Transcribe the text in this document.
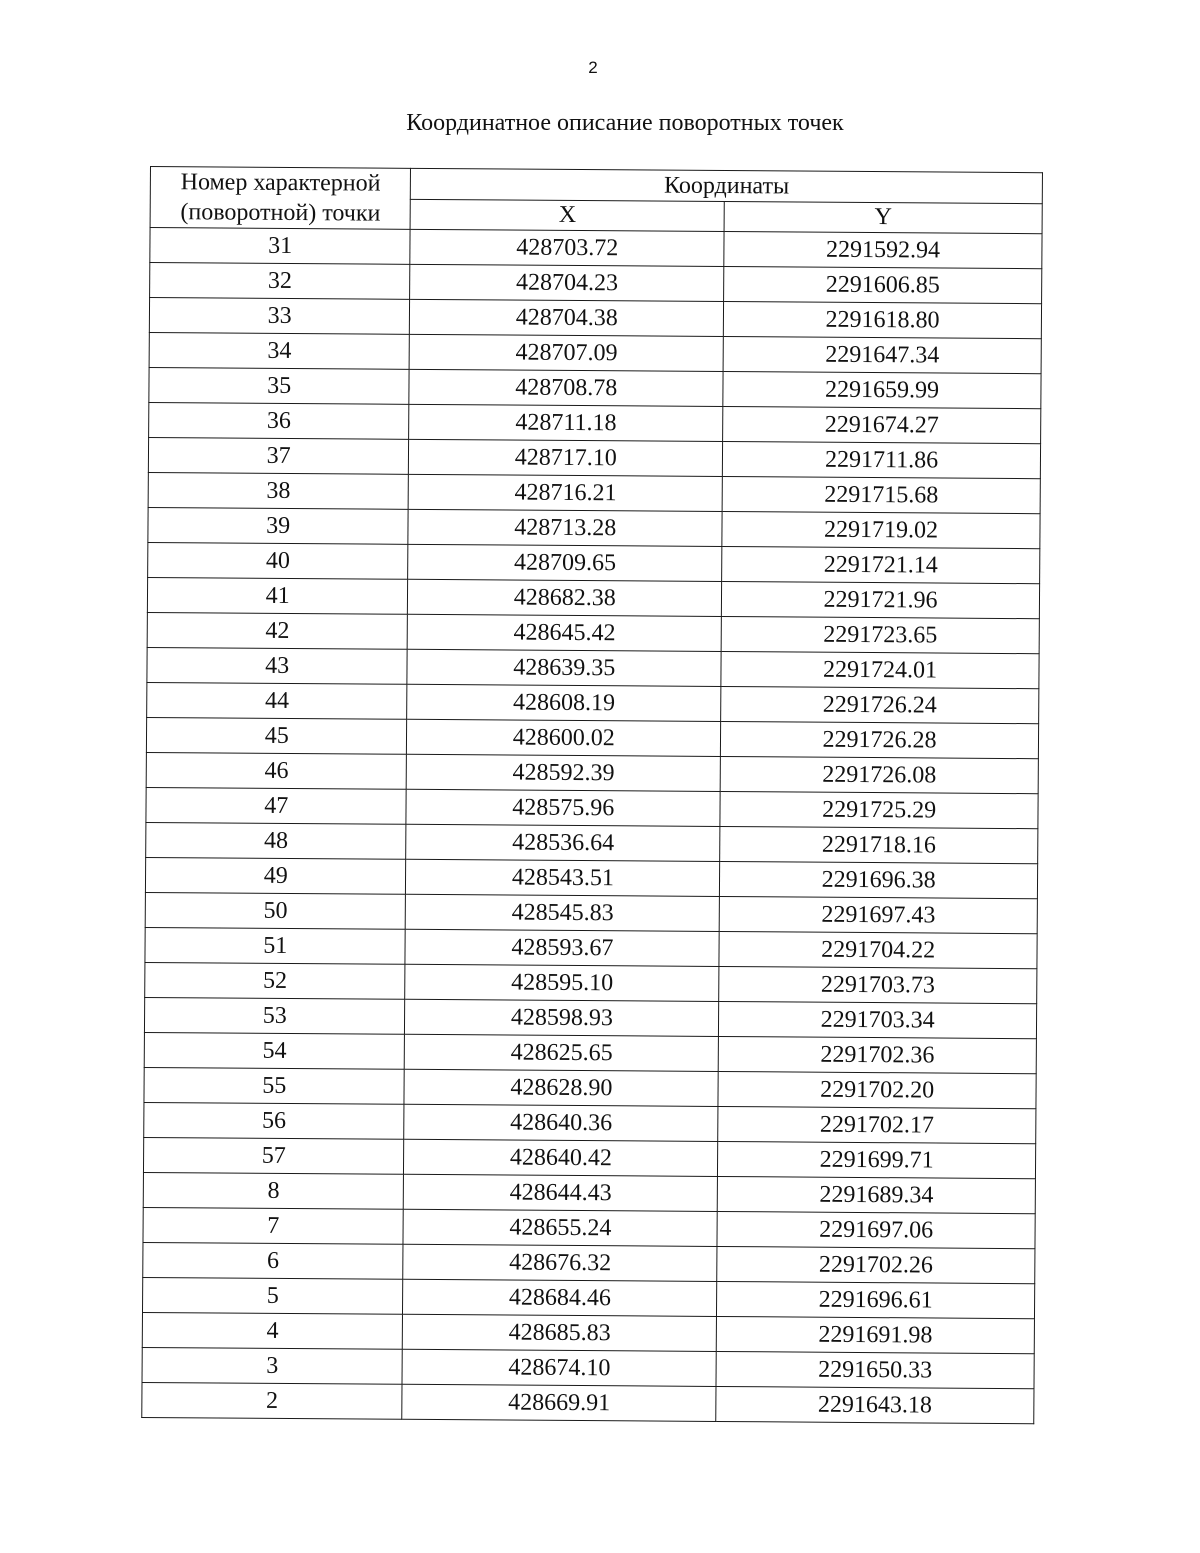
2
Координатное описание поворотных точек
Номер характерной
(поворотной) точки	Координаты	
	X	Y
31	428703.72	2291592.94
32	428704.23	2291606.85
33	428704.38	2291618.80
34	428707.09	2291647.34
35	428708.78	2291659.99
36	428711.18	2291674.27
37	428717.10	2291711.86
38	428716.21	2291715.68
39	428713.28	2291719.02
40	428709.65	2291721.14
41	428682.38	2291721.96
42	428645.42	2291723.65
43	428639.35	2291724.01
44	428608.19	2291726.24
45	428600.02	2291726.28
46	428592.39	2291726.08
47	428575.96	2291725.29
48	428536.64	2291718.16
49	428543.51	2291696.38
50	428545.83	2291697.43
51	428593.67	2291704.22
52	428595.10	2291703.73
53	428598.93	2291703.34
54	428625.65	2291702.36
55	428628.90	2291702.20
56	428640.36	2291702.17
57	428640.42	2291699.71
8	428644.43	2291689.34
7	428655.24	2291697.06
6	428676.32	2291702.26
5	428684.46	2291696.61
4	428685.83	2291691.98
3	428674.10	2291650.33
2	428669.91	2291643.18
